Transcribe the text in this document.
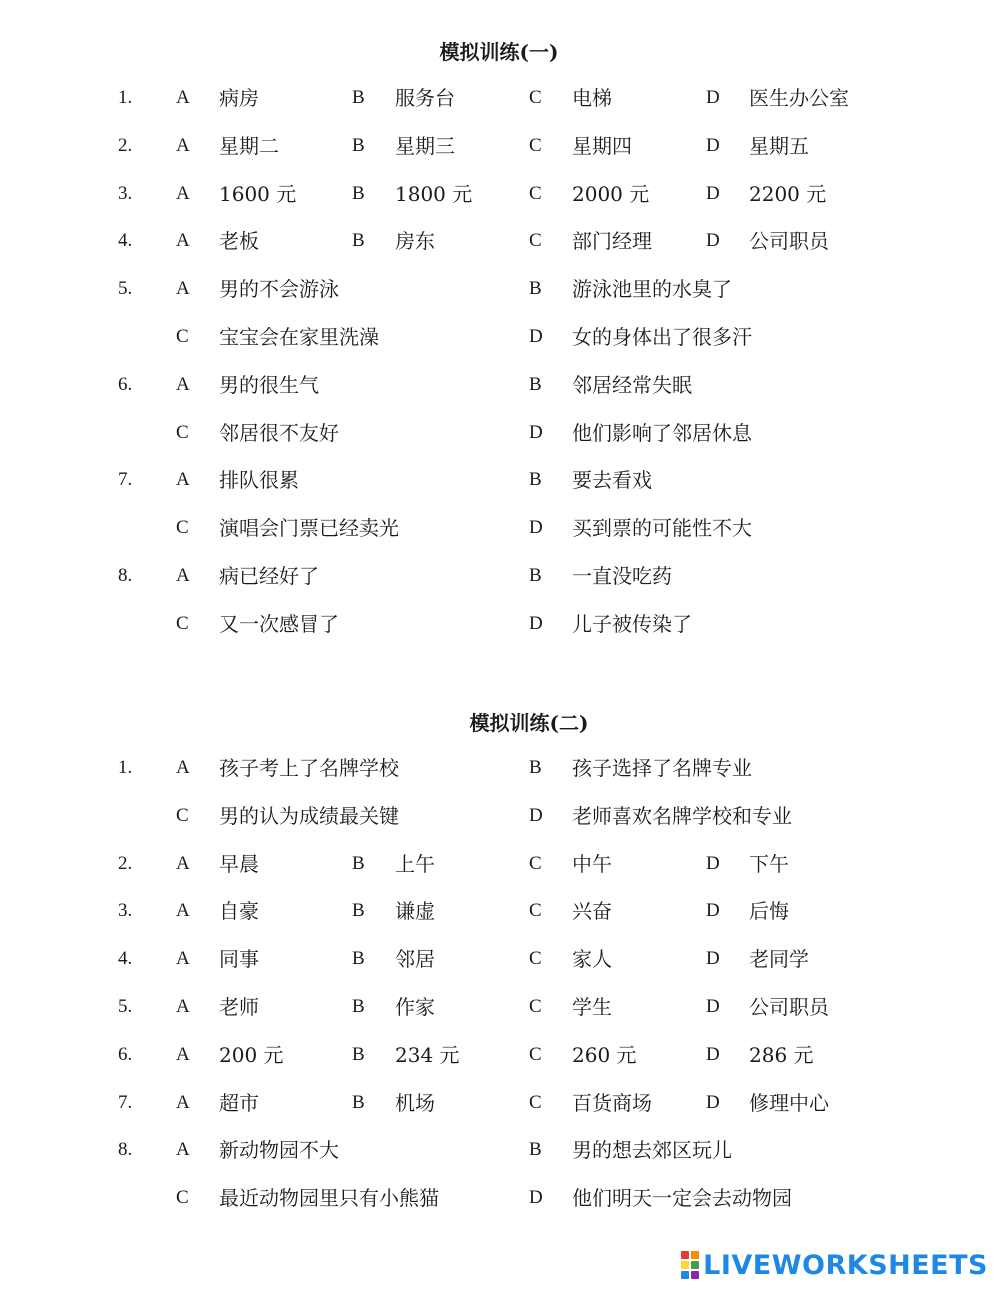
模拟训练(一)
1. A 病房	B 服务台	C 电梯	D 医生办公室
2. A 星期二	B 星期三	C 星期四	D 星期五
3. A 1600 元	B 1800 元	C 2000 元	D 2200 元
4. A 老板	B 房东	C 部门经理	D 公司职员
5. A 男的不会游泳	B 游泳池里的水臭了
C 宝宝会在家里洗澡	D 女的身体出了很多汗
6. A 男的很生气	B 邻居经常失眠
C 邻居很不友好	D 他们影响了邻居休息
7. A 排队很累	B 要去看戏
C 演唱会门票已经卖光	D 买到票的可能性不大
8. A 病已经好了	B 一直没吃药
C 又一次感冒了	D 儿子被传染了
模拟训练(二)
1. A 孩子考上了名牌学校	B 孩子选择了名牌专业
C 男的认为成绩最关键	D 老师喜欢名牌学校和专业
2. A 早晨	B 上午	C 中午	D 下午
3. A 自豪	B 谦虚	C 兴奋	D 后悔
4. A 同事	B 邻居	C 家人	D 老同学
5. A 老师	B 作家	C 学生	D 公司职员
6. A 200 元	B 234 元	C 260 元	D 286 元
7. A 超市	B 机场	C 百货商场	D 修理中心
8. A 新动物园不大	B 男的想去郊区玩儿
C 最近动物园里只有小熊猫	D 他们明天一定会去动物园
LIVEWORKSHEETS
